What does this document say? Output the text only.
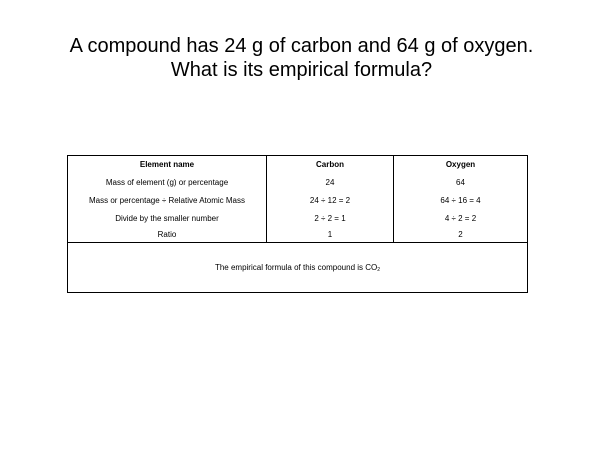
A compound has 24 g of carbon and 64 g of oxygen.
What is its empirical formula?
Element name	Carbon	Oxygen
Mass of element (g) or percentage	24	64
Mass or percentage ÷ Relative Atomic Mass	24 ÷ 12 = 2	64 ÷ 16 = 4
Divide by the smaller number	2 ÷ 2 = 1	4 ÷ 2 = 2
Ratio	1	2
The empirical formula of this compound is $CO_2$
